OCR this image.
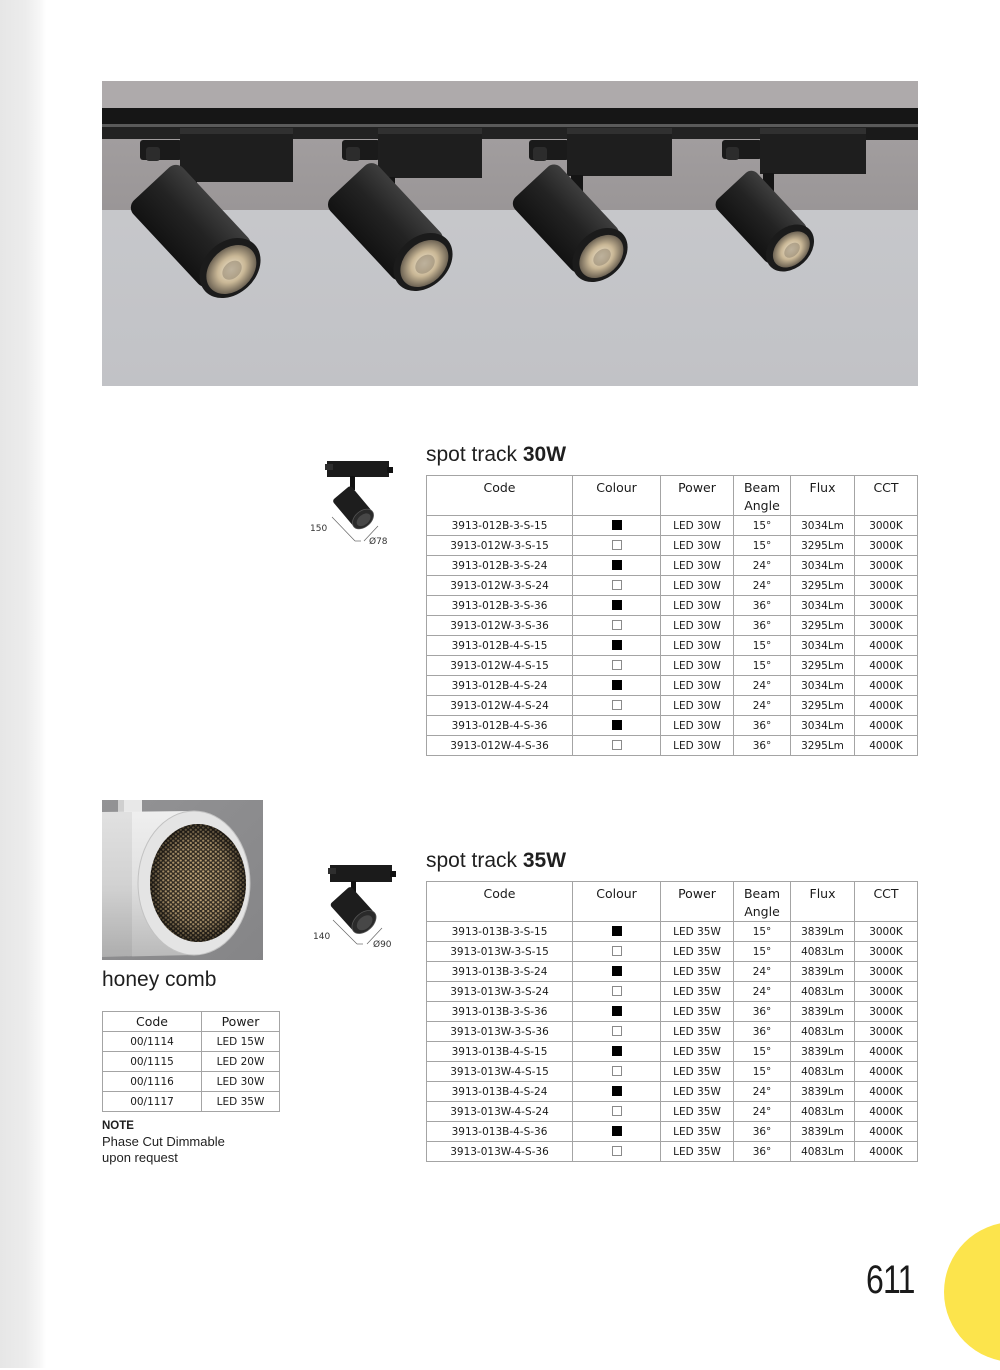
spot track 30W
150
Ø78
Code	Colour	Power	Beam Angle	Flux	CCT
3913-012B-3-S-15		LED 30W	15°	3034Lm	3000K
3913-012W-3-S-15		LED 30W	15°	3295Lm	3000K
3913-012B-3-S-24		LED 30W	24°	3034Lm	3000K
3913-012W-3-S-24		LED 30W	24°	3295Lm	3000K
3913-012B-3-S-36		LED 30W	36°	3034Lm	3000K
3913-012W-3-S-36		LED 30W	36°	3295Lm	3000K
3913-012B-4-S-15		LED 30W	15°	3034Lm	4000K
3913-012W-4-S-15		LED 30W	15°	3295Lm	4000K
3913-012B-4-S-24		LED 30W	24°	3034Lm	4000K
3913-012W-4-S-24		LED 30W	24°	3295Lm	4000K
3913-012B-4-S-36		LED 30W	36°	3034Lm	4000K
3913-012W-4-S-36		LED 30W	36°	3295Lm	4000K
spot track 35W
140
Ø90
Code	Colour	Power	Beam Angle	Flux	CCT
3913-013B-3-S-15		LED 35W	15°	3839Lm	3000K
3913-013W-3-S-15		LED 35W	15°	4083Lm	3000K
3913-013B-3-S-24		LED 35W	24°	3839Lm	3000K
3913-013W-3-S-24		LED 35W	24°	4083Lm	3000K
3913-013B-3-S-36		LED 35W	36°	3839Lm	3000K
3913-013W-3-S-36		LED 35W	36°	4083Lm	3000K
3913-013B-4-S-15		LED 35W	15°	3839Lm	4000K
3913-013W-4-S-15		LED 35W	15°	4083Lm	4000K
3913-013B-4-S-24		LED 35W	24°	3839Lm	4000K
3913-013W-4-S-24		LED 35W	24°	4083Lm	4000K
3913-013B-4-S-36		LED 35W	36°	3839Lm	4000K
3913-013W-4-S-36		LED 35W	36°	4083Lm	4000K
honey comb
Code	Power
00/1114	LED 15W
00/1115	LED 20W
00/1116	LED 30W
00/1117	LED 35W
NOTE
Phase Cut Dimmable
upon request
611
